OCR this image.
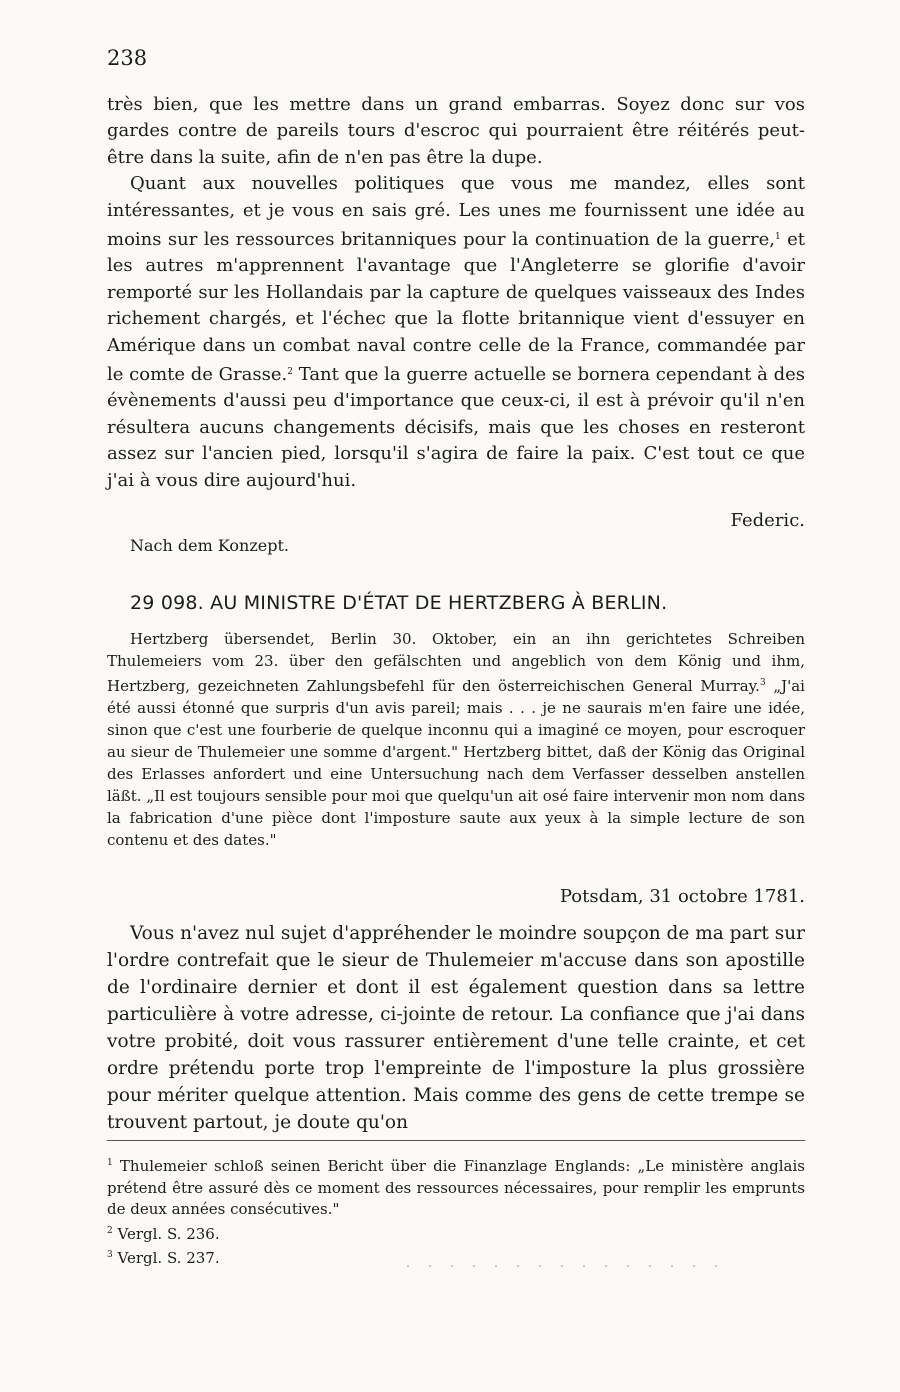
238

très bien, que les mettre dans un grand embarras. Soyez donc sur vos gardes contre de pareils tours d'escroc qui pourraient être réitérés peut-être dans la suite, afin de n'en pas être la dupe.

Quant aux nouvelles politiques que vous me mandez, elles sont intéressantes, et je vous en sais gré. Les unes me fournissent une idée au moins sur les ressources britanniques pour la continuation de la guerre,$^1$ et les autres m'apprennent l'avantage que l'Angleterre se glorifie d'avoir remporté sur les Hollandais par la capture de quelques vaisseaux des Indes richement chargés, et l'échec que la flotte britannique vient d'essuyer en Amérique dans un combat naval contre celle de la France, commandée par le comte de Grasse.$^2$ Tant que la guerre actuelle se bornera cependant à des évènements d'aussi peu d'importance que ceux-ci, il est à prévoir qu'il n'en résultera aucuns changements décisifs, mais que les choses en resteront assez sur l'ancien pied, lorsqu'il s'agira de faire la paix. C'est tout ce que j'ai à vous dire aujourd'hui.

Federic.

Nach dem Konzept.

29 098. AU MINISTRE D'ÉTAT DE HERTZBERG À BERLIN.

Hertzberg übersendet, Berlin 30. Oktober, ein an ihn gerichtetes Schreiben Thulemeiers vom 23. über den gefälschten und angeblich von dem König und ihm, Hertzberg, gezeichneten Zahlungsbefehl für den österreichischen General Murray.$^3$ „J'ai été aussi étonné que surpris d'un avis pareil; mais . . . je ne saurais m'en faire une idée, sinon que c'est une fourberie de quelque inconnu qui a imaginé ce moyen, pour escroquer au sieur de Thulemeier une somme d'argent." Hertzberg bittet, daß der König das Original des Erlasses anfordert und eine Untersuchung nach dem Verfasser desselben anstellen läßt. „Il est toujours sensible pour moi que quelqu'un ait osé faire intervenir mon nom dans la fabrication d'une pièce dont l'imposture saute aux yeux à la simple lecture de son contenu et des dates."

Potsdam, 31 octobre 1781.

Vous n'avez nul sujet d'appréhender le moindre soupçon de ma part sur l'ordre contrefait que le sieur de Thulemeier m'accuse dans son apostille de l'ordinaire dernier et dont il est également question dans sa lettre particulière à votre adresse, ci-jointe de retour. La confiance que j'ai dans votre probité, doit vous rassurer entièrement d'une telle crainte, et cet ordre prétendu porte trop l'empreinte de l'imposture la plus grossière pour mériter quelque attention. Mais comme des gens de cette trempe se trouvent partout, je doute qu'on

$^1$ Thulemeier schloß seinen Bericht über die Finanzlage Englands: „Le ministère anglais prétend être assuré dès ce moment des ressources nécessaires, pour remplir les emprunts de deux années consécutives."

$^2$ Vergl. S. 236.

$^3$ Vergl. S. 237.
